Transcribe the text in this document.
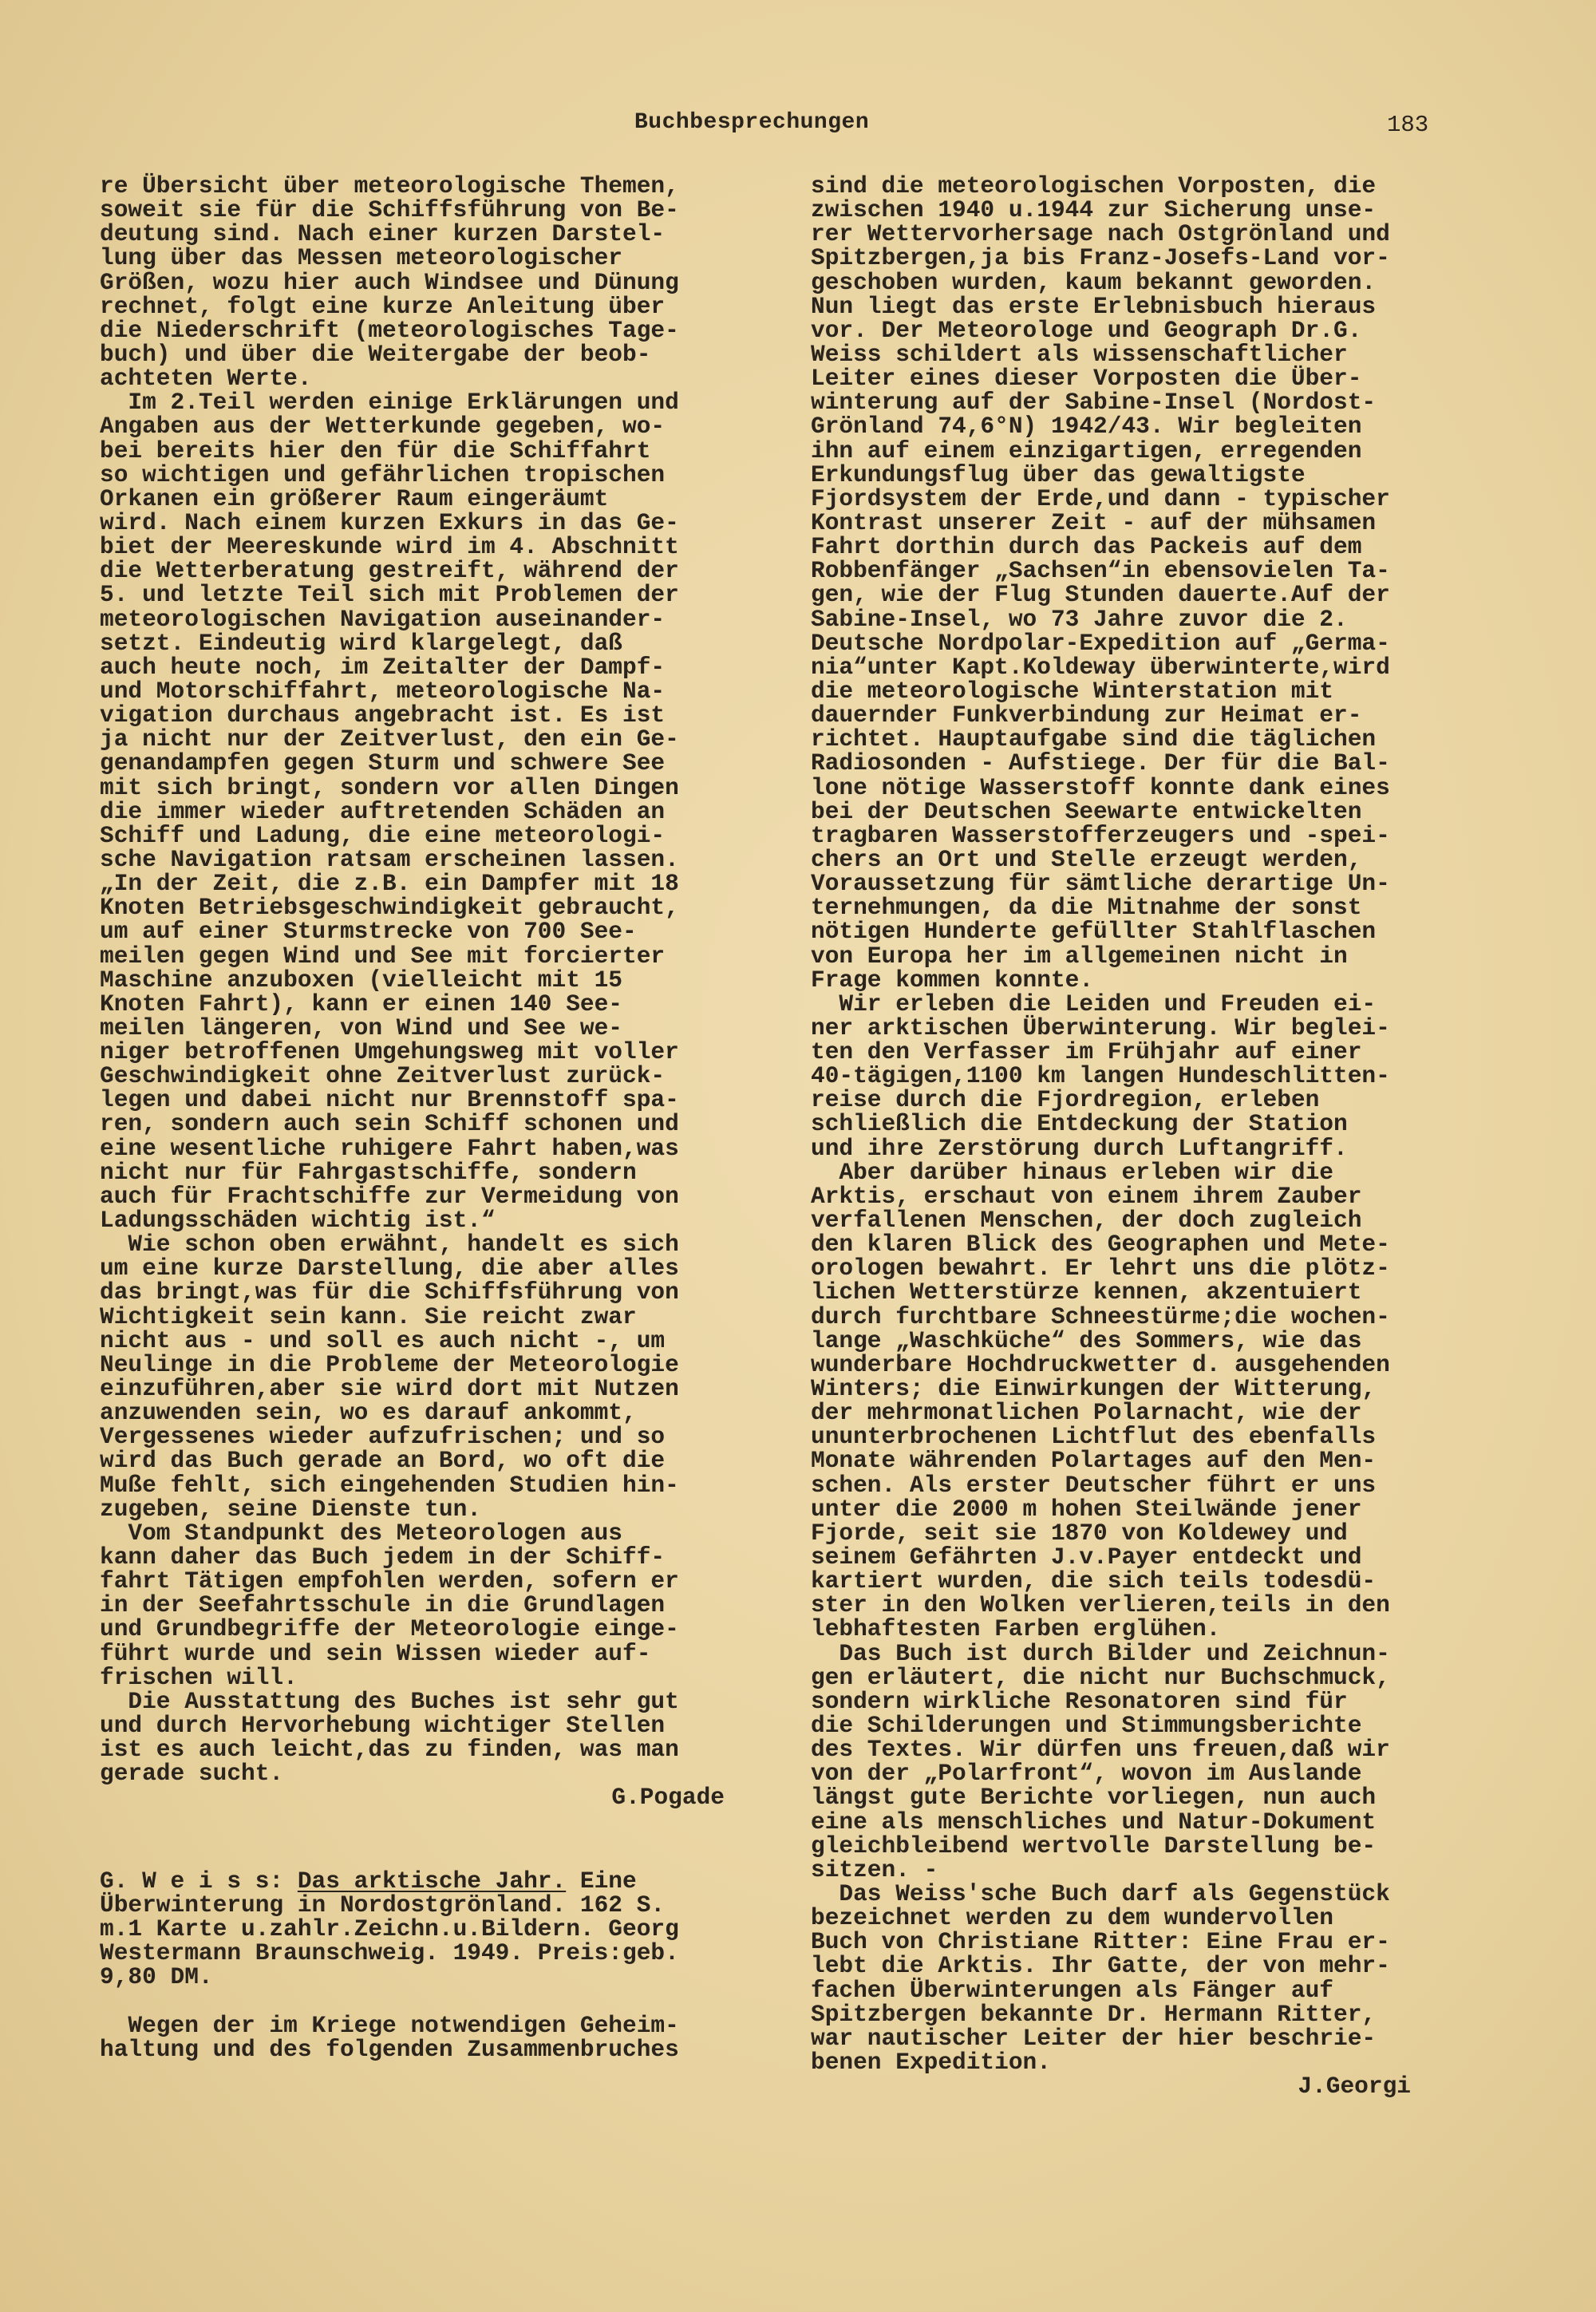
Buchbesprechungen	183
re Übersicht über meteorologische Themen,
soweit sie für die Schiffsführung von Be-
deutung sind. Nach einer kurzen Darstel-
lung über das Messen meteorologischer
Größen, wozu hier auch Windsee und Dünung
rechnet, folgt eine kurze Anleitung über
die Niederschrift (meteorologisches Tage-
buch) und über die Weitergabe der beob-
achteten Werte.
Im 2.Teil werden einige Erklärungen und
Angaben aus der Wetterkunde gegeben, wo-
bei bereits hier den für die Schiffahrt
so wichtigen und gefährlichen tropischen
Orkanen ein größerer Raum eingeräumt
wird. Nach einem kurzen Exkurs in das Ge-
biet der Meereskunde wird im 4. Abschnitt
die Wetterberatung gestreift, während der
5. und letzte Teil sich mit Problemen der
meteorologischen Navigation auseinander-
setzt. Eindeutig wird klargelegt, daß
auch heute noch, im Zeitalter der Dampf-
und Motorschiffahrt, meteorologische Na-
vigation durchaus angebracht ist. Es ist
ja nicht nur der Zeitverlust, den ein Ge-
genandampfen gegen Sturm und schwere See
mit sich bringt, sondern vor allen Dingen
die immer wieder auftretenden Schäden an
Schiff und Ladung, die eine meteorologi-
sche Navigation ratsam erscheinen lassen.
„In der Zeit, die z.B. ein Dampfer mit 18
Knoten Betriebsgeschwindigkeit gebraucht,
um auf einer Sturmstrecke von 700 See-
meilen gegen Wind und See mit forcierter
Maschine anzuboxen (vielleicht mit 15
Knoten Fahrt), kann er einen 140 See-
meilen längeren, von Wind und See we-
niger betroffenen Umgehungsweg mit voller
Geschwindigkeit ohne Zeitverlust zurück-
legen und dabei nicht nur Brennstoff spa-
ren, sondern auch sein Schiff schonen und
eine wesentliche ruhigere Fahrt haben,was
nicht nur für Fahrgastschiffe, sondern
auch für Frachtschiffe zur Vermeidung von
Ladungsschäden wichtig ist.“
Wie schon oben erwähnt, handelt es sich
um eine kurze Darstellung, die aber alles
das bringt,was für die Schiffsführung von
Wichtigkeit sein kann. Sie reicht zwar
nicht aus - und soll es auch nicht -, um
Neulinge in die Probleme der Meteorologie
einzuführen,aber sie wird dort mit Nutzen
anzuwenden sein, wo es darauf ankommt,
Vergessenes wieder aufzufrischen; und so
wird das Buch gerade an Bord, wo oft die
Muße fehlt, sich eingehenden Studien hin-
zugeben, seine Dienste tun.
Vom Standpunkt des Meteorologen aus
kann daher das Buch jedem in der Schiff-
fahrt Tätigen empfohlen werden, sofern er
in der Seefahrtsschule in die Grundlagen
und Grundbegriffe der Meteorologie einge-
führt wurde und sein Wissen wieder auf-
frischen will.
Die Ausstattung des Buches ist sehr gut
und durch Hervorhebung wichtiger Stellen
ist es auch leicht,das zu finden, was man
gerade sucht.
G.Pogade
G. W e i s s: Das arktische Jahr. Eine
Überwinterung in Nordostgrönland. 162 S.
m.1 Karte u.zahlr.Zeichn.u.Bildern. Georg
Westermann Braunschweig. 1949. Preis:geb.
9,80 DM.
Wegen der im Kriege notwendigen Geheim-
haltung und des folgenden Zusammenbruches
sind die meteorologischen Vorposten, die
zwischen 1940 u.1944 zur Sicherung unse-
rer Wettervorhersage nach Ostgrönland und
Spitzbergen,ja bis Franz-Josefs-Land vor-
geschoben wurden, kaum bekannt geworden.
Nun liegt das erste Erlebnisbuch hieraus
vor. Der Meteorologe und Geograph Dr.G.
Weiss schildert als wissenschaftlicher
Leiter eines dieser Vorposten die Über-
winterung auf der Sabine-Insel (Nordost-
Grönland 74,6°N) 1942/43. Wir begleiten
ihn auf einem einzigartigen, erregenden
Erkundungsflug über das gewaltigste
Fjordsystem der Erde,und dann - typischer
Kontrast unserer Zeit - auf der mühsamen
Fahrt dorthin durch das Packeis auf dem
Robbenfänger „Sachsen“in ebensovielen Ta-
gen, wie der Flug Stunden dauerte.Auf der
Sabine-Insel, wo 73 Jahre zuvor die 2.
Deutsche Nordpolar-Expedition auf „Germa-
nia“unter Kapt.Koldeway überwinterte,wird
die meteorologische Winterstation mit
dauernder Funkverbindung zur Heimat er-
richtet. Hauptaufgabe sind die täglichen
Radiosonden - Aufstiege. Der für die Bal-
lone nötige Wasserstoff konnte dank eines
bei der Deutschen Seewarte entwickelten
tragbaren Wasserstofferzeugers und -spei-
chers an Ort und Stelle erzeugt werden,
Voraussetzung für sämtliche derartige Un-
ternehmungen, da die Mitnahme der sonst
nötigen Hunderte gefüllter Stahlflaschen
von Europa her im allgemeinen nicht in
Frage kommen konnte.
Wir erleben die Leiden und Freuden ei-
ner arktischen Überwinterung. Wir beglei-
ten den Verfasser im Frühjahr auf einer
40-tägigen,1100 km langen Hundeschlitten-
reise durch die Fjordregion, erleben
schließlich die Entdeckung der Station
und ihre Zerstörung durch Luftangriff.
Aber darüber hinaus erleben wir die
Arktis, erschaut von einem ihrem Zauber
verfallenen Menschen, der doch zugleich
den klaren Blick des Geographen und Mete-
orologen bewahrt. Er lehrt uns die plötz-
lichen Wetterstürze kennen, akzentuiert
durch furchtbare Schneestürme;die wochen-
lange „Waschküche“ des Sommers, wie das
wunderbare Hochdruckwetter d. ausgehenden
Winters; die Einwirkungen der Witterung,
der mehrmonatlichen Polarnacht, wie der
ununterbrochenen Lichtflut des ebenfalls
Monate währenden Polartages auf den Men-
schen. Als erster Deutscher führt er uns
unter die 2000 m hohen Steilwände jener
Fjorde, seit sie 1870 von Koldewey und
seinem Gefährten J.v.Payer entdeckt und
kartiert wurden, die sich teils todesdü-
ster in den Wolken verlieren,teils in den
lebhaftesten Farben erglühen.
Das Buch ist durch Bilder und Zeichnun-
gen erläutert, die nicht nur Buchschmuck,
sondern wirkliche Resonatoren sind für
die Schilderungen und Stimmungsberichte
des Textes. Wir dürfen uns freuen,daß wir
von der „Polarfront“, wovon im Auslande
längst gute Berichte vorliegen, nun auch
eine als menschliches und Natur-Dokument
gleichbleibend wertvolle Darstellung be-
sitzen. -
Das Weiss'sche Buch darf als Gegenstück
bezeichnet werden zu dem wundervollen
Buch von Christiane Ritter: Eine Frau er-
lebt die Arktis. Ihr Gatte, der von mehr-
fachen Überwinterungen als Fänger auf
Spitzbergen bekannte Dr. Hermann Ritter,
war nautischer Leiter der hier beschrie-
benen Expedition.
J.Georgi
